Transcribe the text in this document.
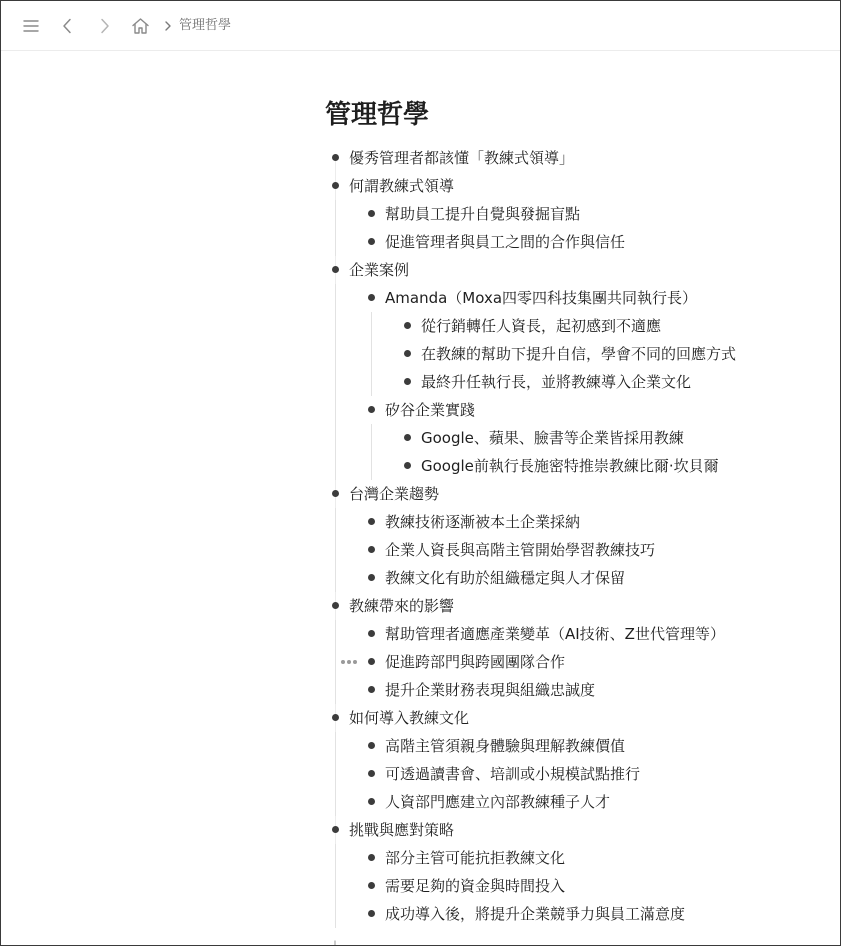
管理哲學
管理哲學
優秀管理者都該懂「教練式領導」
何謂教練式領導
幫助員工提升自覺與發掘盲點
促進管理者與員工之間的合作與信任
企業案例
Amanda（Moxa四零四科技集團共同執行長）
從行銷轉任人資長，起初感到不適應
在教練的幫助下提升自信，學會不同的回應方式
最終升任執行長，並將教練導入企業文化
矽谷企業實踐
Google、蘋果、臉書等企業皆採用教練
Google前執行長施密特推崇教練比爾·坎貝爾
台灣企業趨勢
教練技術逐漸被本土企業採納
企業人資長與高階主管開始學習教練技巧
教練文化有助於組織穩定與人才保留
教練帶來的影響
幫助管理者適應產業變革（AI技術、Z世代管理等）
促進跨部門與跨國團隊合作
提升企業財務表現與組織忠誠度
如何導入教練文化
高階主管須親身體驗與理解教練價值
可透過讀書會、培訓或小規模試點推行
人資部門應建立內部教練種子人才
挑戰與應對策略
部分主管可能抗拒教練文化
需要足夠的資金與時間投入
成功導入後，將提升企業競爭力與員工滿意度
